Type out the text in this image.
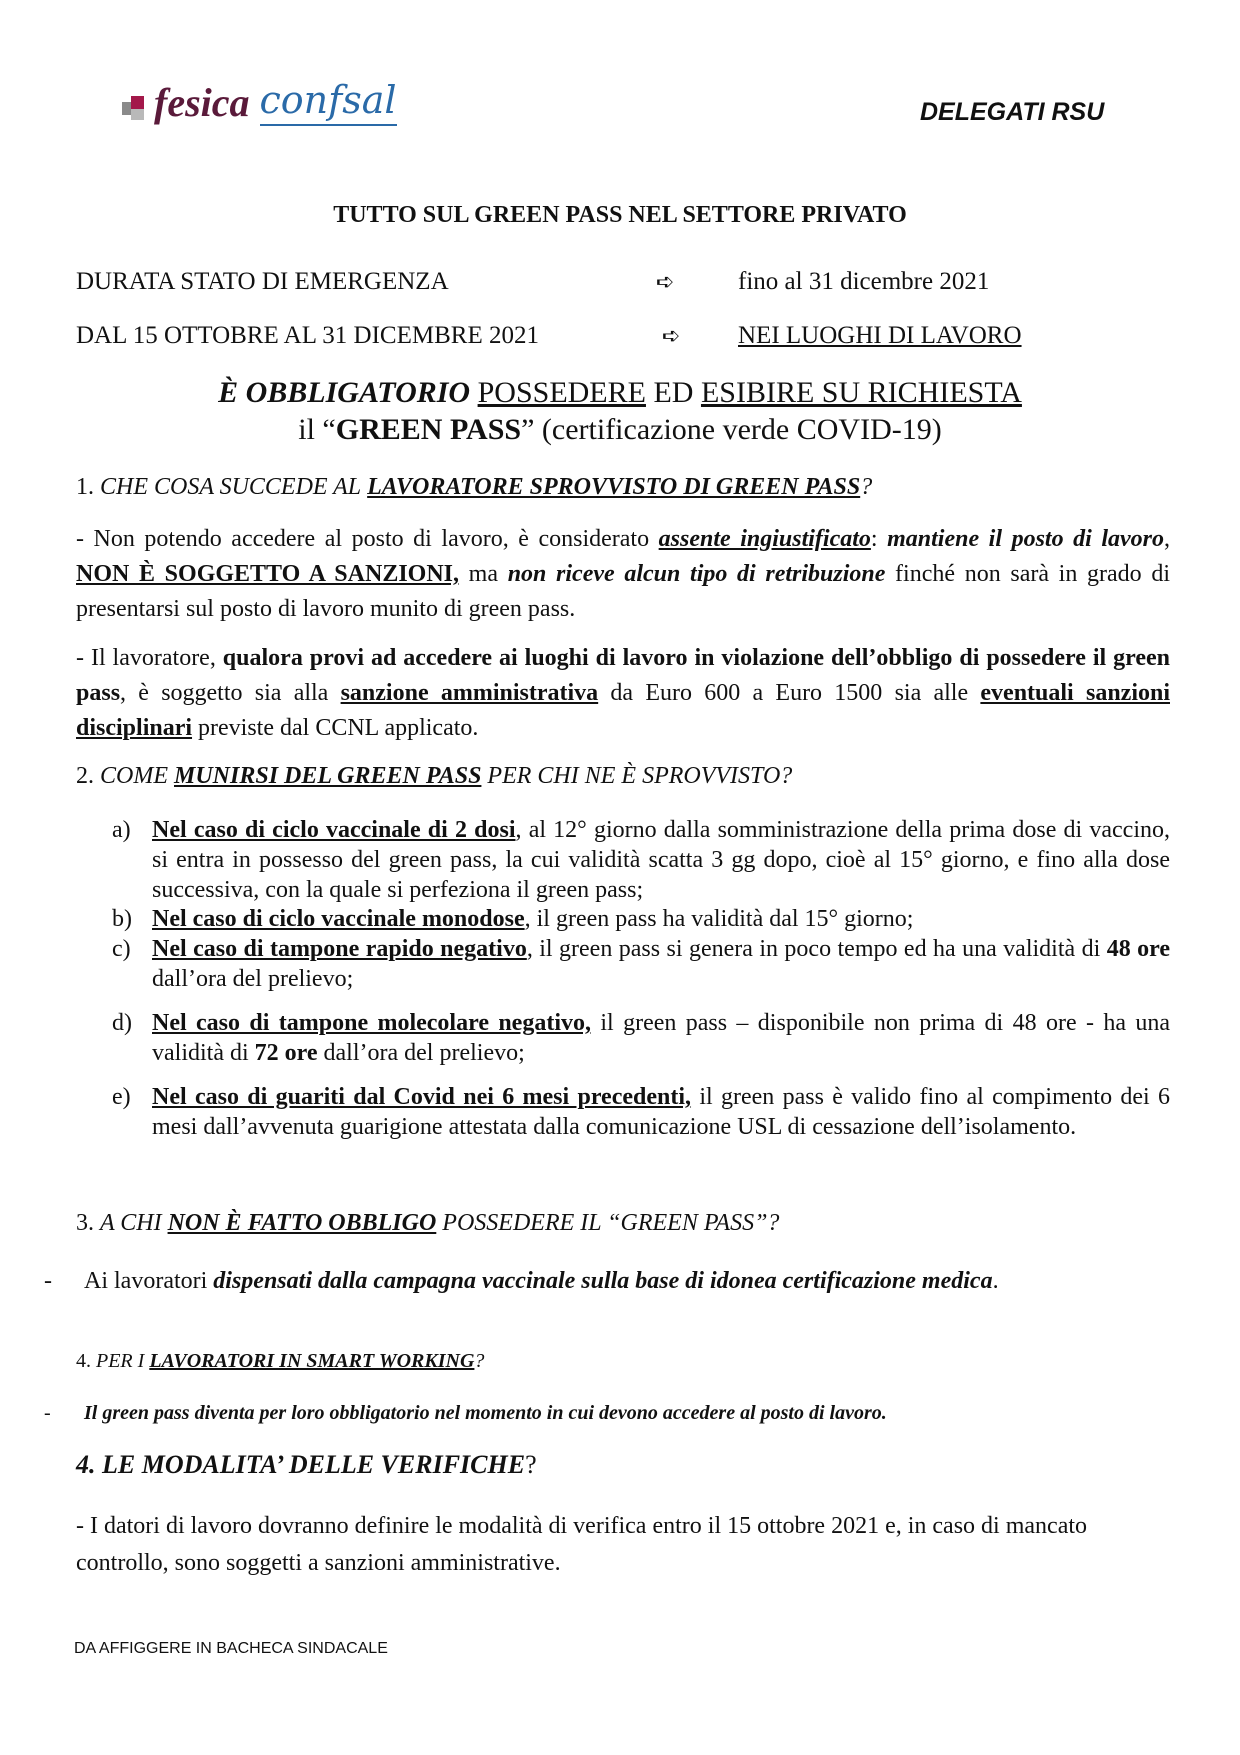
fesica confsal	DELEGATI RSU
TUTTO SUL GREEN PASS NEL SETTORE PRIVATO
DURATA STATO DI EMERGENZA	➪	fino al 31 dicembre 2021
DAL 15 OTTOBRE AL 31 DICEMBRE 2021	➪ NEI LUOGHI DI LAVORO
È OBBLIGATORIO POSSEDERE ED ESIBIRE SU RICHIESTA
il “GREEN PASS” (certificazione verde COVID-19)
1. CHE COSA SUCCEDE AL LAVORATORE SPROVVISTO DI GREEN PASS?
- Non potendo accedere al posto di lavoro, è considerato assente ingiustificato: mantiene il posto di lavoro, NON È SOGGETTO A SANZIONI, ma non riceve alcun tipo di retribuzione finché non sarà in grado di presentarsi sul posto di lavoro munito di green pass.
- Il lavoratore, qualora provi ad accedere ai luoghi di lavoro in violazione dell’obbligo di possedere il green pass, è soggetto sia alla sanzione amministrativa da Euro 600 a Euro 1500 sia alle eventuali sanzioni disciplinari previste dal CCNL applicato.
2. COME MUNIRSI DEL GREEN PASS PER CHI NE È SPROVVISTO?
a) Nel caso di ciclo vaccinale di 2 dosi, al 12° giorno dalla somministrazione della prima dose di vaccino, si entra in possesso del green pass, la cui validità scatta 3 gg dopo, cioè al 15° giorno, e fino alla dose successiva, con la quale si perfeziona il green pass;
b) Nel caso di ciclo vaccinale monodose, il green pass ha validità dal 15° giorno;
c) Nel caso di tampone rapido negativo, il green pass si genera in poco tempo ed ha una validità di 48 ore dall’ora del prelievo;
d) Nel caso di tampone molecolare negativo, il green pass – disponibile non prima di 48 ore - ha una validità di 72 ore dall’ora del prelievo;
e) Nel caso di guariti dal Covid nei 6 mesi precedenti, il green pass è valido fino al compimento dei 6 mesi dall’avvenuta guarigione attestata dalla comunicazione USL di cessazione dell’isolamento.
3. A CHI NON È FATTO OBBLIGO POSSEDERE IL “GREEN PASS”?
- Ai lavoratori dispensati dalla campagna vaccinale sulla base di idonea certificazione medica.
4. PER I LAVORATORI IN SMART WORKING?
- Il green pass diventa per loro obbligatorio nel momento in cui devono accedere al posto di lavoro.
4. LE MODALITA’ DELLE VERIFICHE?
- I datori di lavoro dovranno definire le modalità di verifica entro il 15 ottobre 2021 e, in caso di mancato controllo, sono soggetti a sanzioni amministrative.
DA AFFIGGERE IN BACHECA SINDACALE
